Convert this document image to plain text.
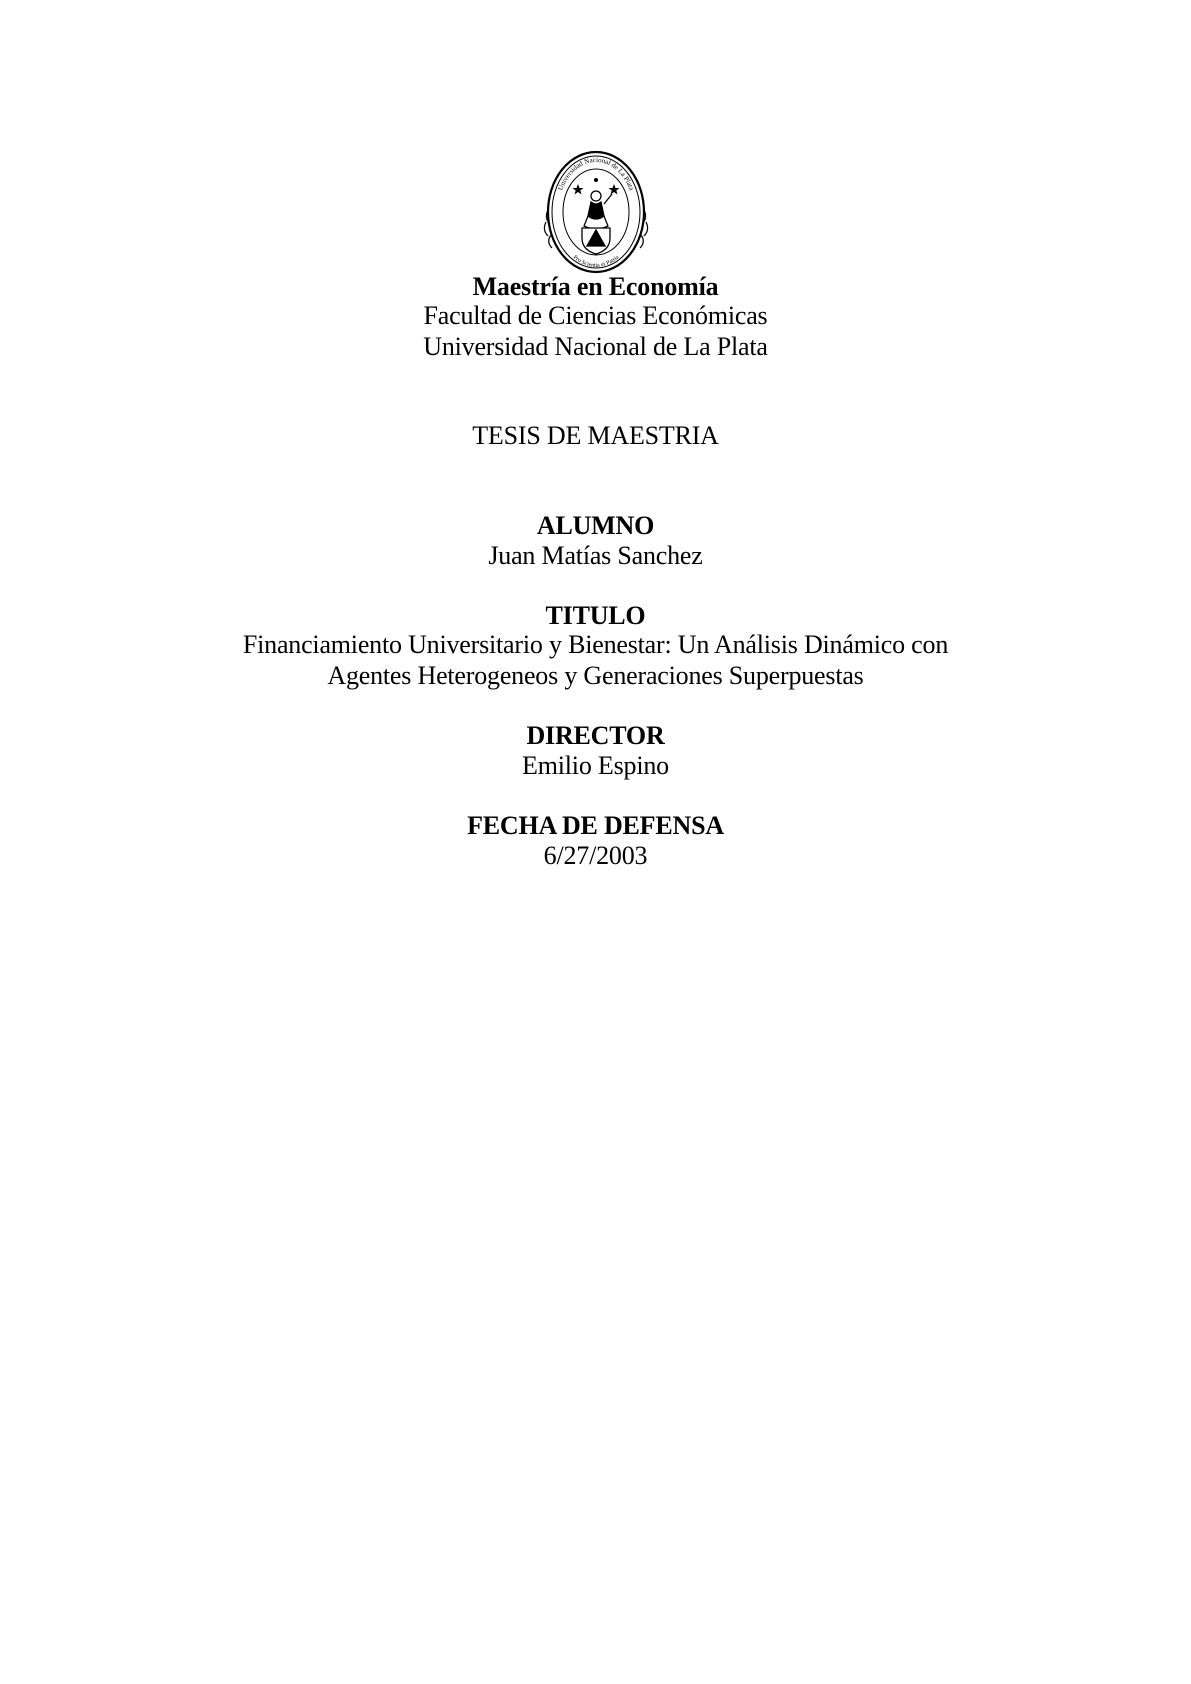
Universidad Nacional de La Plata
Pro Scientia et Patria
Maestría en Economía
Facultad de Ciencias Económicas
Universidad Nacional de La Plata
TESIS DE MAESTRIA
ALUMNO
Juan Matías Sanchez
TITULO
Financiamiento Universitario y Bienestar: Un Análisis Dinámico con
Agentes Heterogeneos y Generaciones Superpuestas
DIRECTOR
Emilio Espino
FECHA DE DEFENSA
6/27/2003
